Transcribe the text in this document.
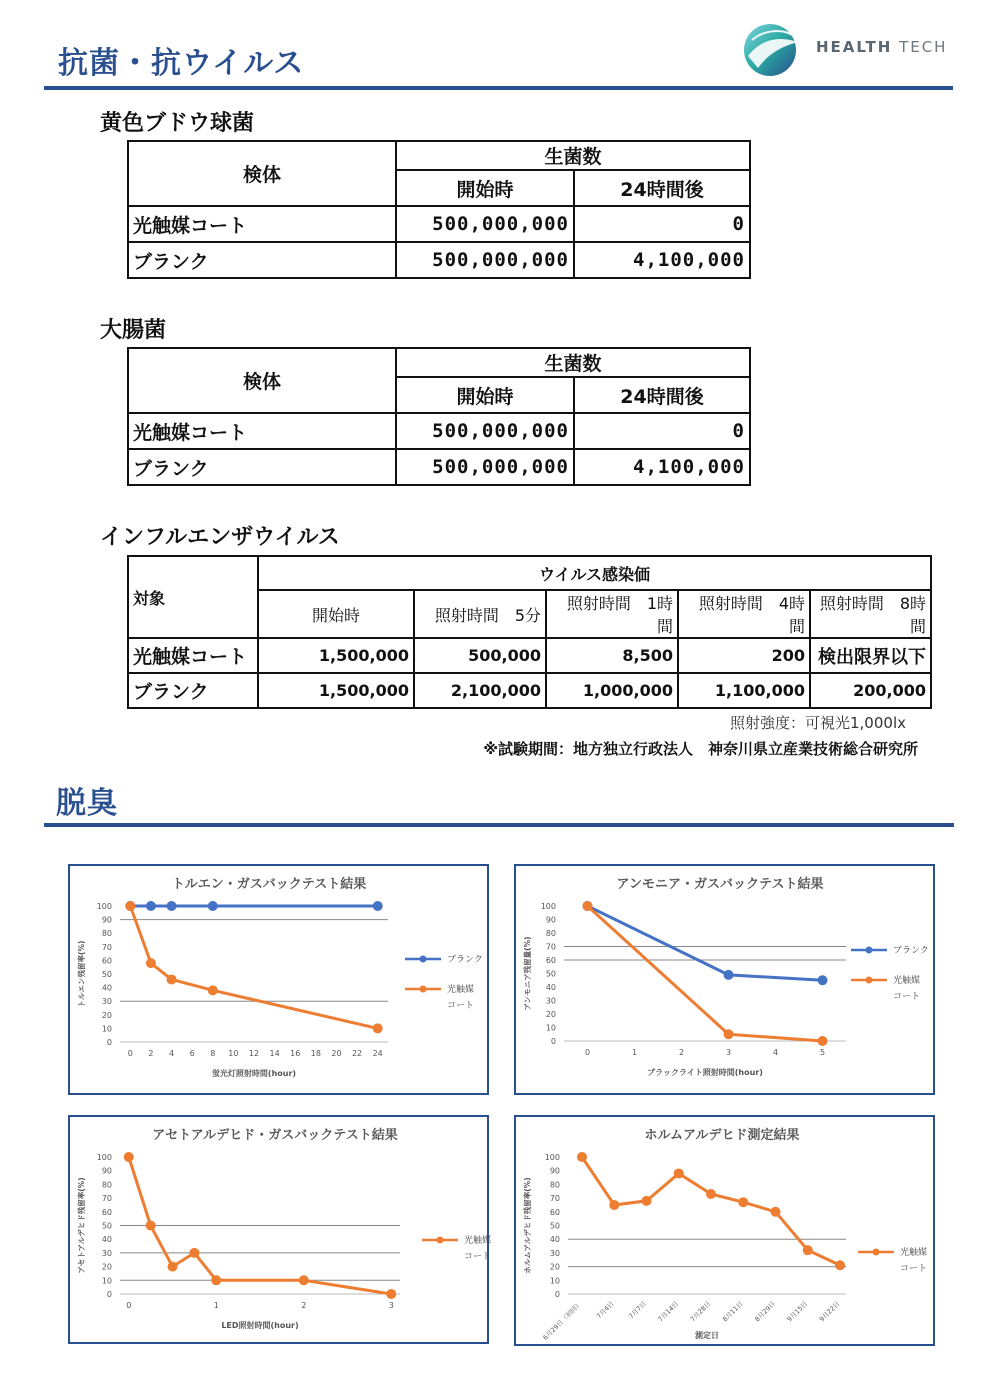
抗菌・抗ウイルス	HEALTH TECH
黄色ブドウ球菌
検体	生菌数	
	開始時	24時間後
光触媒コート	500,000,000	0
ブランク	500,000,000	4,100,000
大腸菌
検体	生菌数	
	開始時	24時間後
光触媒コート	500,000,000	0
ブランク	500,000,000	4,100,000
インフルエンザウイルス
対象	ウイルス感染価				
	開始時	照射時間　5分	照射時間　1時間	照射時間　4時間	照射時間　8時間
光触媒コート	1,500,000	500,000	8,500	200	検出限界以下
ブランク	1,500,000	2,100,000	1,000,000	1,100,000	200,000
照射強度：可視光1,000lx
※試験期間：地方独立行政法人　神奈川県立産業技術総合研究所
脱臭
トルエン・ガスバックテスト結果
0
10
20
30
40
50
60
70
80
90
100
0 2 4 6 8 10 12 14 16 18 20 22 24
蛍光灯照射時間(hour)
トルエン残留率(%)	ブランク
光触媒
コート
アンモニア・ガスバックテスト結果
0
10
20
30
40
50
60
70
80
90
100
0	1	2	3	4	5
ブラックライト照射時間(hour)
アンモニア残留量(%)	ブランク
光触媒
コート
アセトアルデヒド・ガスバックテスト結果
0
10
20
30
40
50
60
70
80
90
100
0	1	2	3
LED照射時間(hour)
アセトアルデヒド残留率(%)	光触媒
コート
ホルムアルデヒド測定結果
0
10
20
30
40
50
60
70
80
90
100
6月29日（初回） 7月4日 7月7日 7月14日 7月28日 8月11日 8月29日 9月15日 9月22日
測定日
ホルムアルデヒド残留率(%)	光触媒
コート
